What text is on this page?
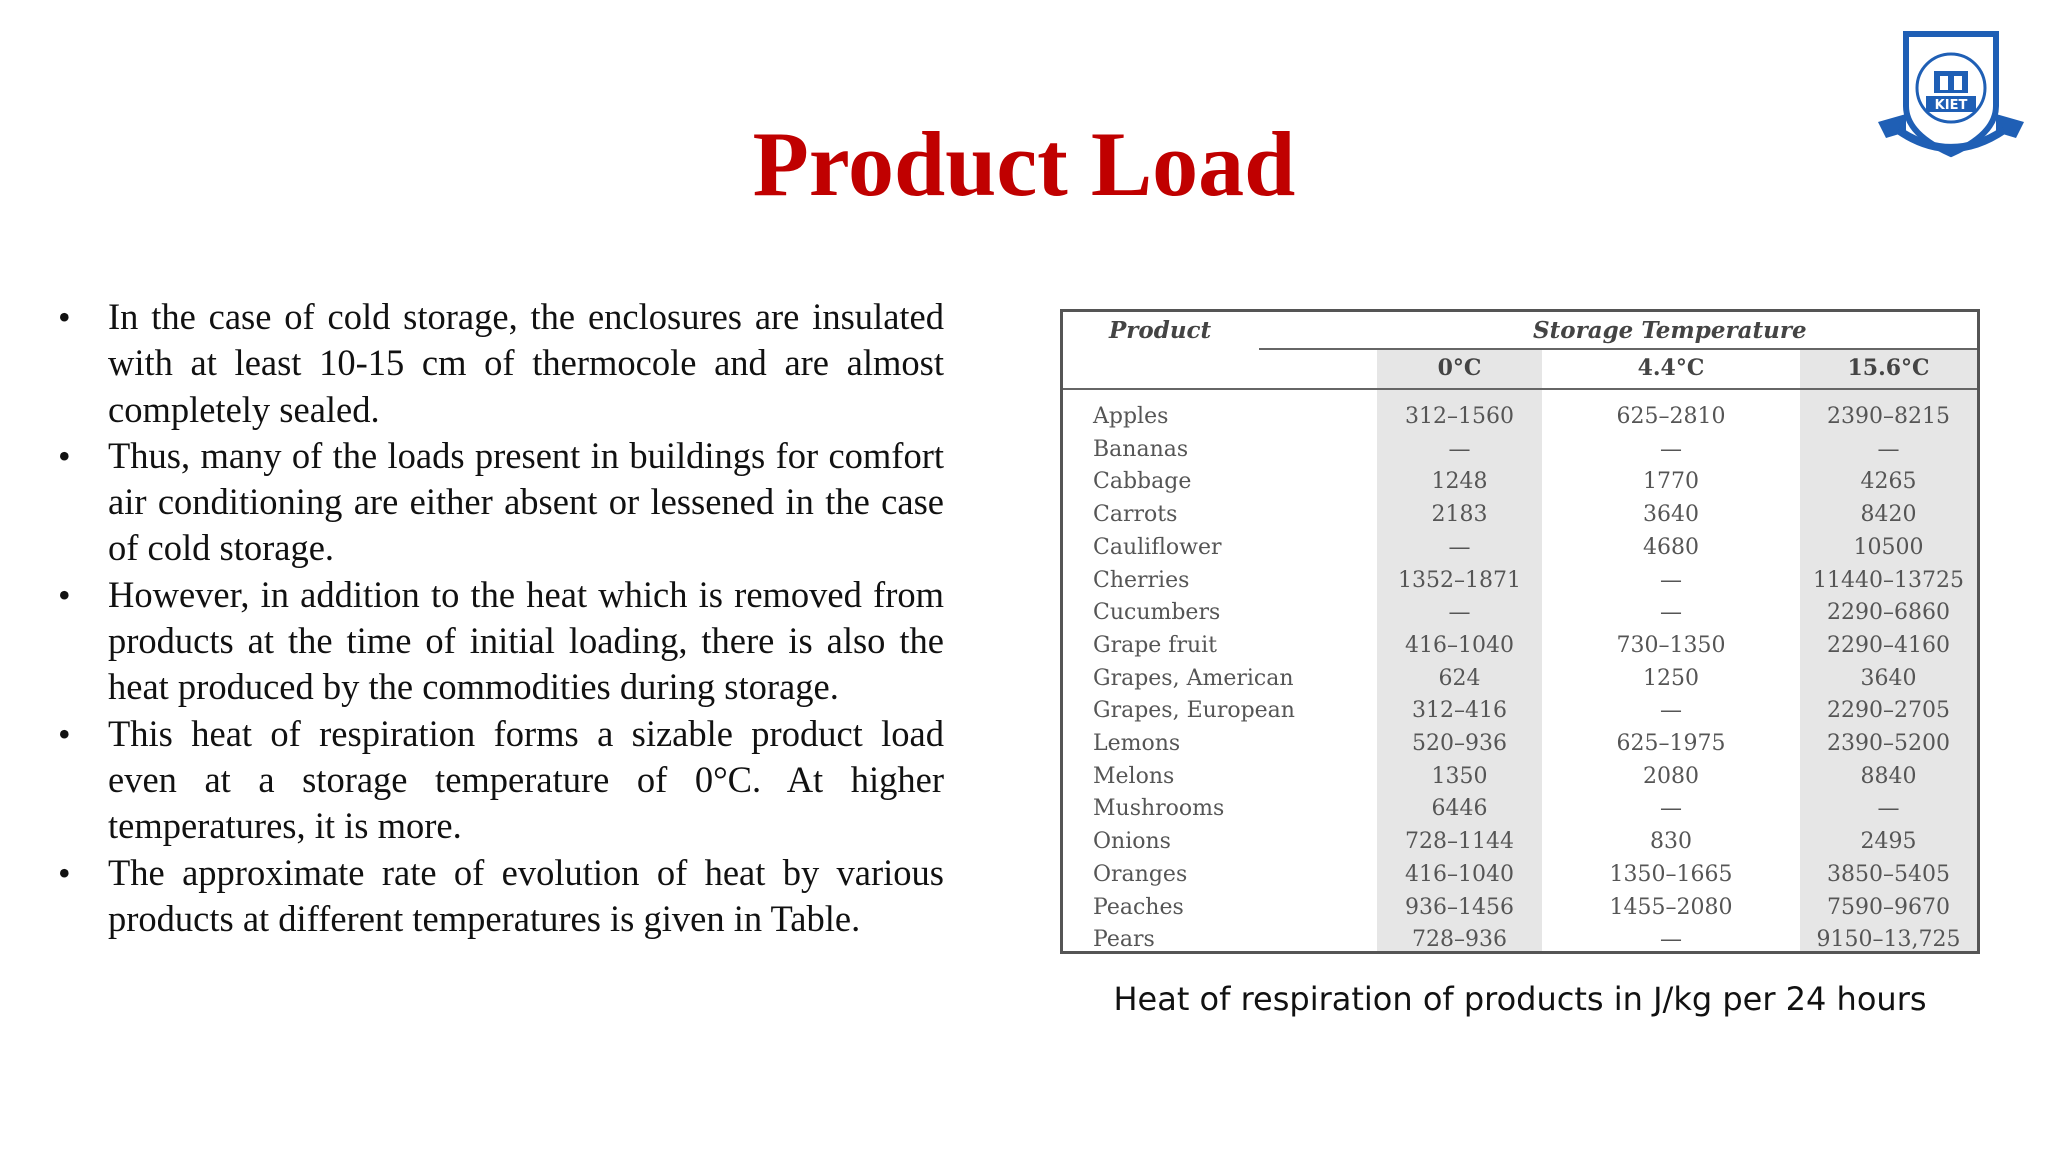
Product Load
KIET
• In the case of cold storage, the enclosures are insulated with at least 10-15 cm of thermocole and are almost completely sealed.
• Thus, many of the loads present in buildings for comfort air conditioning are either absent or lessened in the case of cold storage.
• However, in addition to the heat which is removed from products at the time of initial loading, there is also the heat produced by the commodities during storage.
• This heat of respiration forms a sizable product load even at a storage temperature of 0°C. At higher temperatures, it is more.
• The approximate rate of evolution of heat by various products at different temperatures is given in Table.
Product	Storage Temperature
0°C	4.4°C	15.6°C
Apples	312–1560	625–2810	2390–8215
Bananas	—	—	—
Cabbage	1248	1770	4265
Carrots	2183	3640	8420
Cauliflower	—	4680	10500
Cherries	1352–1871	—	11440–13725
Cucumbers	—	—	2290–6860
Grape fruit	416–1040	730–1350	2290–4160
Grapes, American	624	1250	3640
Grapes, European	312–416	—	2290–2705
Lemons	520–936	625–1975	2390–5200
Melons	1350	2080	8840
Mushrooms	6446	—	—
Onions	728–1144	830	2495
Oranges	416–1040	1350–1665	3850–5405
Peaches	936–1456	1455–2080	7590–9670
Pears	728–936	—	9150–13,725
Heat of respiration of products in J/kg per 24 hours
